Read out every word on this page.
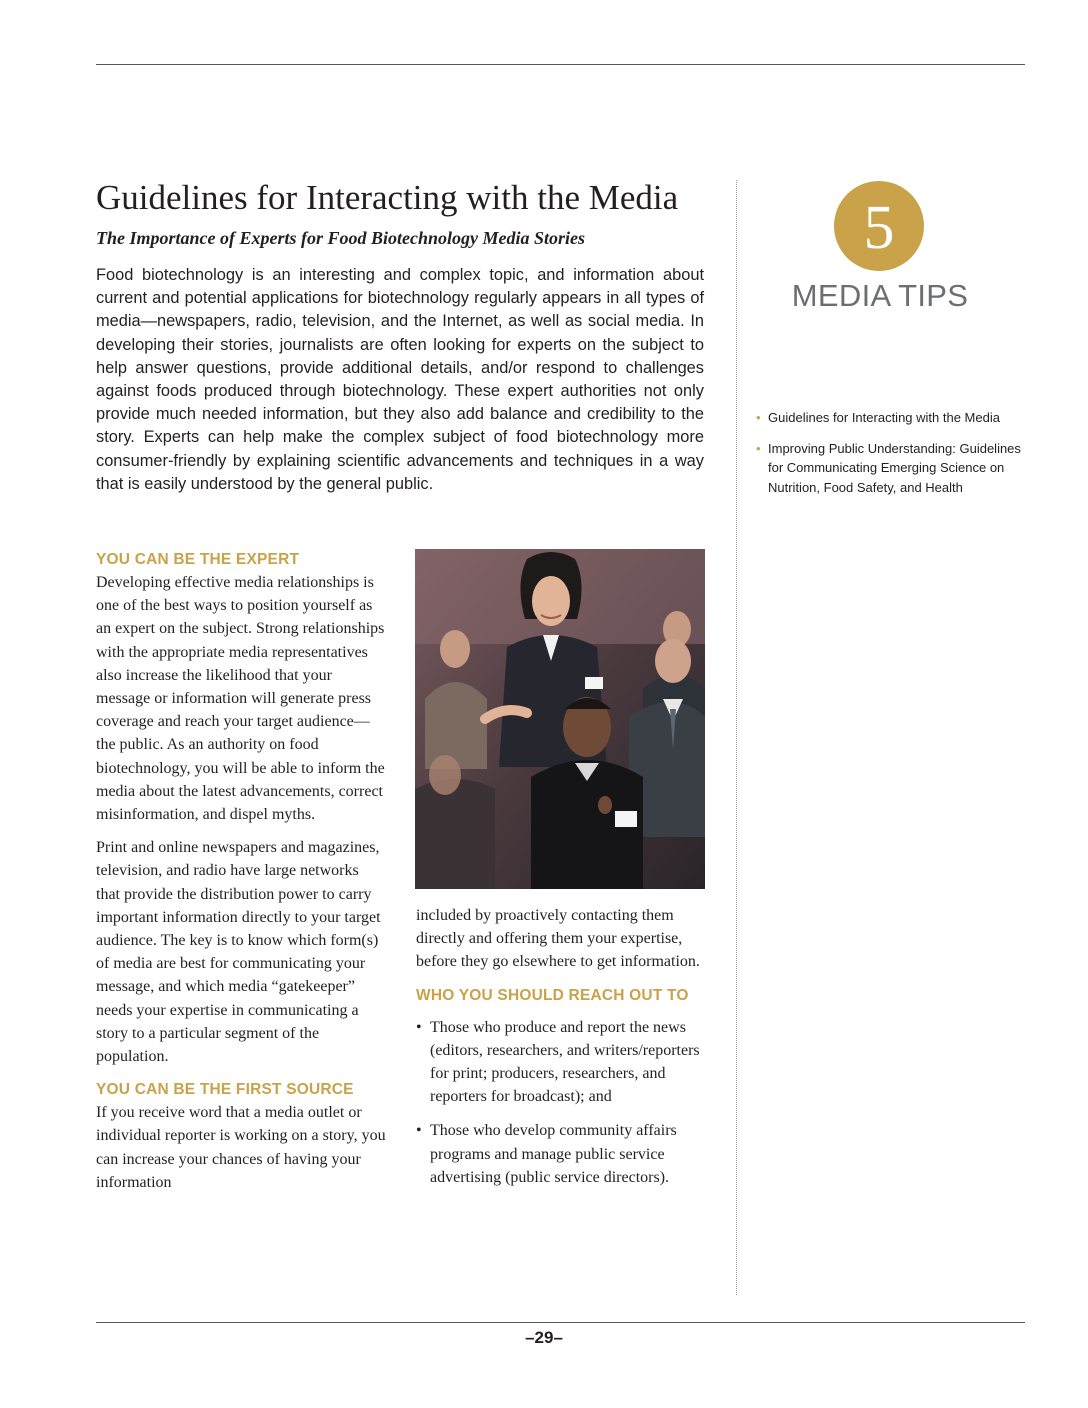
Guidelines for Interacting with the Media
The Importance of Experts for Food Biotechnology Media Stories

Food biotechnology is an interesting and complex topic, and information about current and potential applications for biotechnology regularly appears in all types of media—newspapers, radio, television, and the Internet, as well as social media. In developing their stories, journalists are often looking for experts on the subject to help answer questions, provide additional details, and/or respond to challenges against foods produced through biotechnology. These expert authorities not only provide much needed information, but they also add balance and credibility to the story. Experts can help make the complex subject of food biotechnology more consumer-friendly by explaining scientific advancements and techniques in a way that is easily understood by the general public.

YOU CAN BE THE EXPERT

Developing effective media relationships is one of the best ways to position yourself as an expert on the subject. Strong relationships with the appropriate media representatives also increase the likelihood that your message or information will generate press coverage and reach your target audience—the public. As an authority on food biotechnology, you will be able to inform the media about the latest advancements, correct misinformation, and dispel myths.

Print and online newspapers and magazines, television, and radio have large networks that provide the distribution power to carry important information directly to your target audience. The key is to know which form(s) of media are best for communicating your message, and which media “gatekeeper” needs your expertise in communicating a story to a particular segment of the population.

YOU CAN BE THE FIRST SOURCE

If you receive word that a media outlet or individual reporter is working on a story, you can increase your chances of having your information

included by proactively contacting them directly and offering them your expertise, before they go elsewhere to get information.

WHO YOU SHOULD REACH OUT TO
• Those who produce and report the news (editors, researchers, and writers/reporters for print; producers, researchers, and reporters for broadcast); and
• Those who develop community affairs programs and manage public service advertising (public service directors).
5
MEDIA TIPS
• Guidelines for Interacting with the Media
• Improving Public Understanding: Guidelines for Communicating Emerging Science on Nutrition, Food Safety, and Health
–29–
